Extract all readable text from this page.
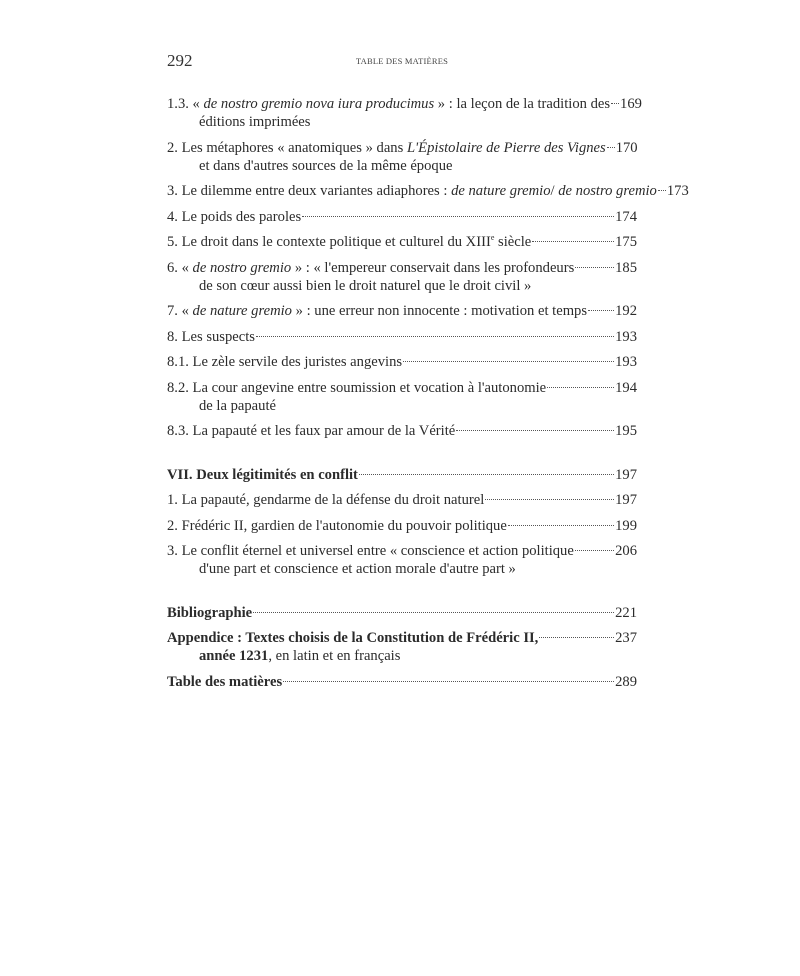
292	TABLE DES MATIÈRES
1.3. « de nostro gremio nova iura producimus » : la leçon de la tradition des 169
éditions imprimées
2. Les métaphores « anatomiques » dans L'Épistolaire de Pierre des Vignes 170
et dans d'autres sources de la même époque
3. Le dilemme entre deux variantes adiaphores : de nature gremio/ de nostro gremio 173
4. Le poids des paroles	174
5. Le droit dans le contexte politique et culturel du XIIIe siècle	175
6. « de nostro gremio » : « l'empereur conservait dans les profondeurs	185
de son cœur aussi bien le droit naturel que le droit civil »
7. « de nature gremio » : une erreur non innocente : motivation et temps 192
8. Les suspects	193
8.1. Le zèle servile des juristes angevins	193
8.2. La cour angevine entre soumission et vocation à l'autonomie	194
de la papauté
8.3. La papauté et les faux par amour de la Vérité	195
VII. Deux légitimités en conflit	197
1. La papauté, gendarme de la défense du droit naturel	197
2. Frédéric II, gardien de l'autonomie du pouvoir politique	199
3. Le conflit éternel et universel entre « conscience et action politique	206
d'une part et conscience et action morale d'autre part »
Bibliographie	221
Appendice : Textes choisis de la Constitution de Frédéric II,	237
année 1231, en latin et en français
Table des matières	289
